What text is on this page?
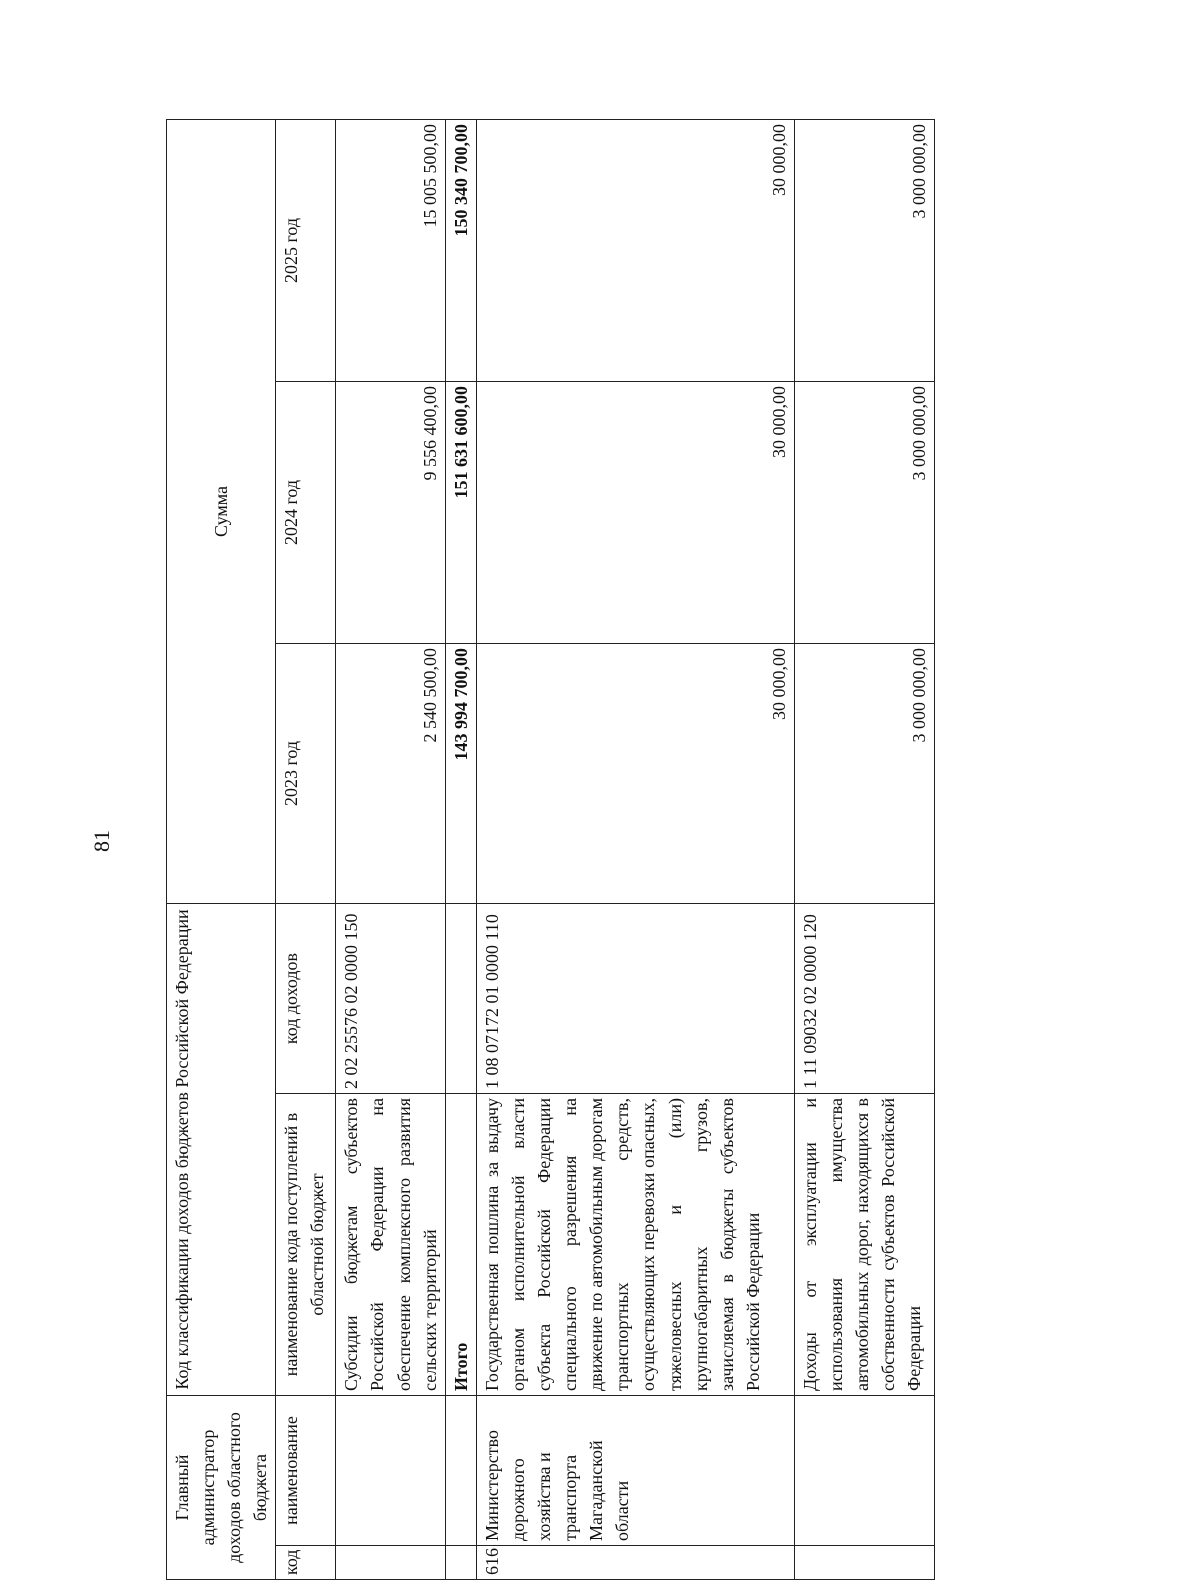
81
Главный администратор доходов областного бюджета		Код классификации доходов бюджетов Российской Федерации		Сумма		
код	наименование	наименование кода поступлений в областной бюджет	код доходов	2023 год	2024 год	2025 год
		Субсидии бюджетам субъектов Российской Федерации на обеспечение комплексного развития сельских территорий	2 02 25576 02 0000 150	2 540 500,00	9 556 400,00	15 005 500,00
		Итого		143 994 700,00	151 631 600,00	150 340 700,00
616	Министерство дорожного хозяйства и транспорта Магаданской области	Государственная пошлина за выдачу органом исполнительной власти субъекта Российской Федерации специального разрешения на движение по автомобильным дорогам транспортных средств, осуществляющих перевозки опасных, тяжеловесных и (или) крупногабаритных грузов, зачисляемая в бюджеты субъектов Российской Федерации	1 08 07172 01 0000 110	30 000,00	30 000,00	30 000,00
		Доходы от эксплуатации и использования имущества автомобильных дорог, находящихся в собственности субъектов Российской Федерации	1 11 09032 02 0000 120	3 000 000,00	3 000 000,00	3 000 000,00
